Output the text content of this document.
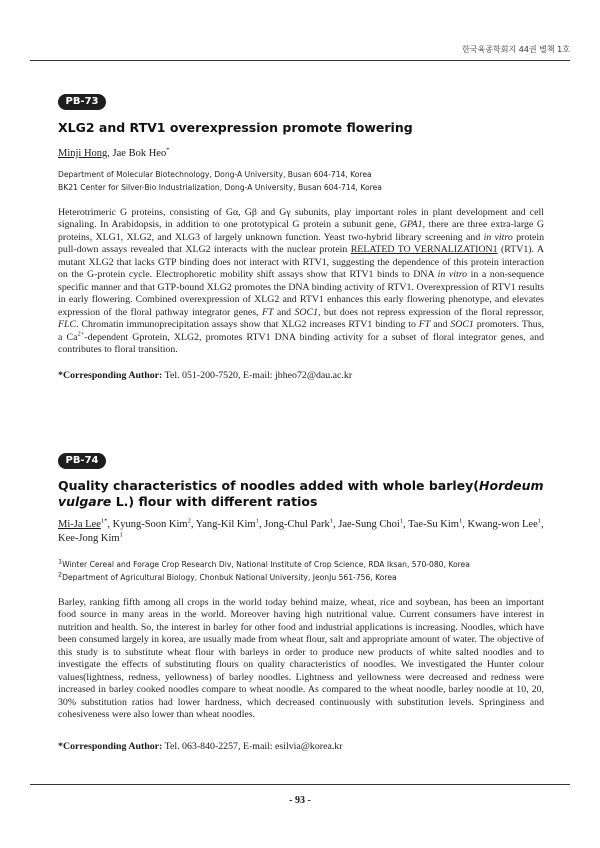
한국육종학회지 44권 별책 1호
PB-73
XLG2 and RTV1 overexpression promote flowering
Minji Hong, Jae Bok Heo*
Department of Molecular Biotechnology, Dong-A University, Busan 604-714, Korea
BK21 Center for Silver-Bio Industrialization, Dong-A University, Busan 604-714, Korea

Heterotrimeric G proteins, consisting of Gα, Gβ and Gγ subunits, play important roles in plant development and cell signaling. In Arabidopsis, in addition to one prototypical G protein a subunit gene, GPA1, there are three extra-large G proteins, XLG1, XLG2, and XLG3 of largely unknown function. Yeast two-hybrid library screening and in vitro protein pull-down assays revealed that XLG2 interacts with the nuclear protein RELATED TO VERNALIZATION1 (RTV1). A mutant XLG2 that lacks GTP binding does not interact with RTV1, suggesting the dependence of this protein interaction on the G-protein cycle. Electrophoretic mobility shift assays show that RTV1 binds to DNA in vitro in a non-sequence specific manner and that GTP-bound XLG2 promotes the DNA binding activity of RTV1. Overexpression of RTV1 results in early flowering. Combined overexpression of XLG2 and RTV1 enhances this early flowering phenotype, and elevates expression of the floral pathway integrator genes, FT and SOC1, but does not repress expression of the floral repressor, FLC. Chromatin immunoprecipitation assays show that XLG2 increases RTV1 binding to FT and SOC1 promoters. Thus, a $Ca^{2+}$-dependent Gprotein, XLG2, promotes RTV1 DNA binding activity for a subset of floral integrator genes, and contributes to floral transition.

*Corresponding Author: Tel. 051-200-7520, E-mail: jbheo72@dau.ac.kr
PB-74
Quality characteristics of noodles added with whole barley(Hordeum vulgare L.) flour with different ratios
Mi-Ja Lee$^{1*}$, Kyung-Soon Kim$^2$, Yang-Kil Kim$^1$, Jong-Chul Park$^1$, Jae-Sung Choi$^1$, Tae-Su Kim$^1$, Kwang-won Lee$^1$, Kee-Jong Kim$^1$
$^1$Winter Cereal and Forage Crop Research Div, National Institute of Crop Science, RDA Iksan, 570-080, Korea
$^2$Department of Agricultural Biology, Chonbuk National University, JeonJu 561-756, Korea

Barley, ranking fifth among all crops in the world today behind maize, wheat, rice and soybean, has been an important food source in many areas in the world. Moreover having high nutritional value. Current consumers have interest in nutrition and health. So, the interest in barley for other food and industrial applications is increasing. Noodles, which have been consumed largely in korea, are usually made from wheat flour, salt and appropriate amount of water. The objective of this study is to substitute wheat flour with barleys in order to produce new products of white salted noodles and to investigate the effects of substituting flours on quality characteristics of noodles. We investigated the Hunter colour values(lightness, redness, yellowness) of barley noodles. Lightness and yellowness were decreased and redness were increased in barley cooked noodles compare to wheat noodle. As compared to the wheat noodle, barley noodle at 10, 20, 30% substitution ratios had lower hardness, which decreased continuously with substitution levels. Springiness and cohesiveness were also lower than wheat noodles.

*Corresponding Author: Tel. 063-840-2257, E-mail: esilvia@korea.kr
- 93 -
